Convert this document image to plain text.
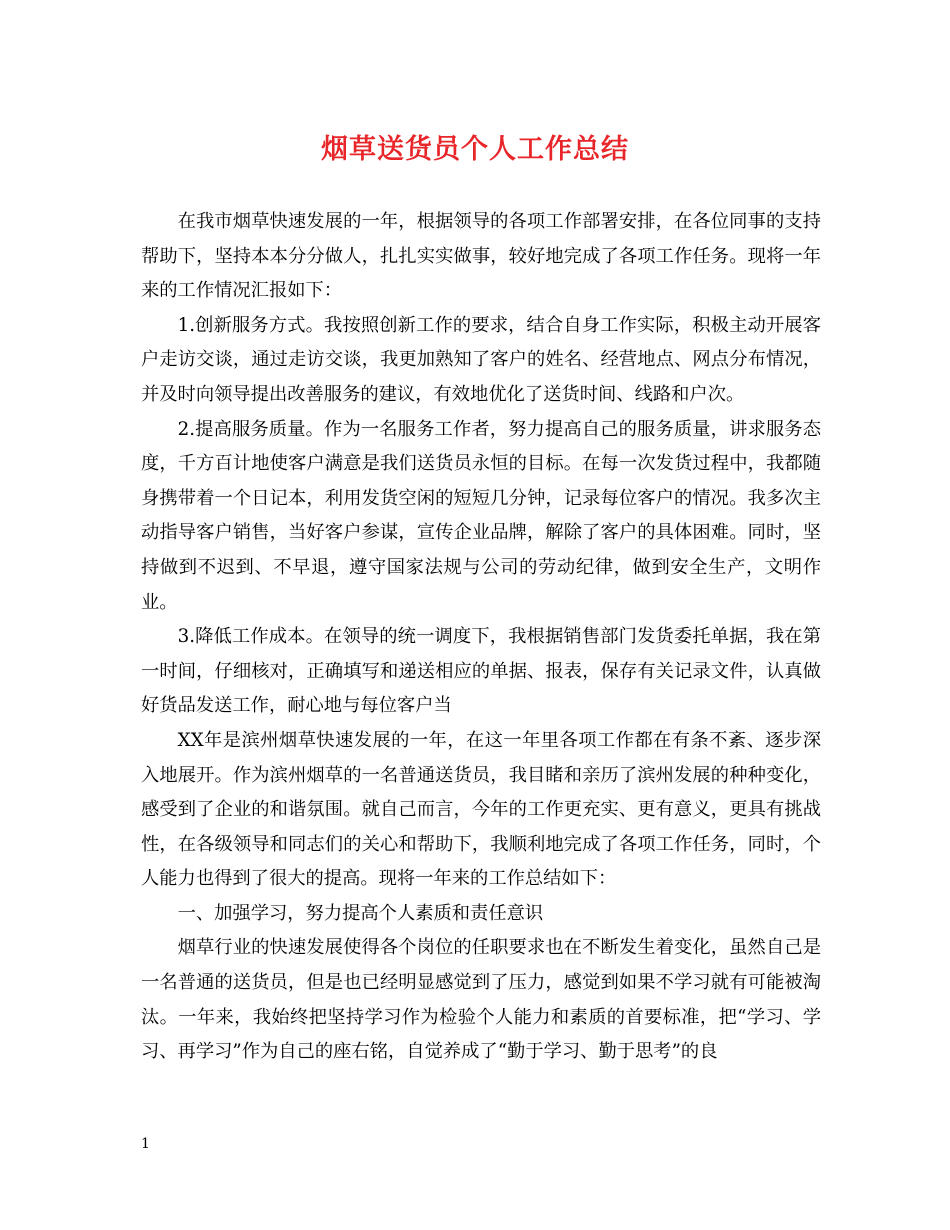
烟草送货员个人工作总结

在我市烟草快速发展的一年，根据领导的各项工作部署安排，在各位同事的支持帮助下，坚持本本分分做人，扎扎实实做事，较好地完成了各项工作任务。现将一年来的工作情况汇报如下：

1.创新服务方式。我按照创新工作的要求，结合自身工作实际，积极主动开展客户走访交谈，通过走访交谈，我更加熟知了客户的姓名、经营地点、网点分布情况，并及时向领导提出改善服务的建议，有效地优化了送货时间、线路和户次。

2.提高服务质量。作为一名服务工作者，努力提高自己的服务质量，讲求服务态度，千方百计地使客户满意是我们送货员永恒的目标。在每一次发货过程中，我都随身携带着一个日记本，利用发货空闲的短短几分钟，记录每位客户的情况。我多次主动指导客户销售，当好客户参谋，宣传企业品牌，解除了客户的具体困难。同时，坚持做到不迟到、不早退，遵守国家法规与公司的劳动纪律，做到安全生产，文明作业。

3.降低工作成本。在领导的统一调度下，我根据销售部门发货委托单据，我在第一时间，仔细核对，正确填写和递送相应的单据、报表，保存有关记录文件，认真做好货品发送工作，耐心地与每位客户当

XX年是滨州烟草快速发展的一年，在这一年里各项工作都在有条不紊、逐步深入地展开。作为滨州烟草的一名普通送货员，我目睹和亲历了滨州发展的种种变化，感受到了企业的和谐氛围。就自己而言，今年的工作更充实、更有意义，更具有挑战性，在各级领导和同志们的关心和帮助下，我顺利地完成了各项工作任务，同时，个人能力也得到了很大的提高。现将一年来的工作总结如下：

一、加强学习，努力提高个人素质和责任意识

烟草行业的快速发展使得各个岗位的任职要求也在不断发生着变化，虽然自己是一名普通的送货员，但是也已经明显感觉到了压力，感觉到如果不学习就有可能被淘汰。一年来，我始终把坚持学习作为检验个人能力和素质的首要标准，把“学习、学习、再学习”作为自己的座右铭，自觉养成了“勤于学习、勤于思考”的良

1
